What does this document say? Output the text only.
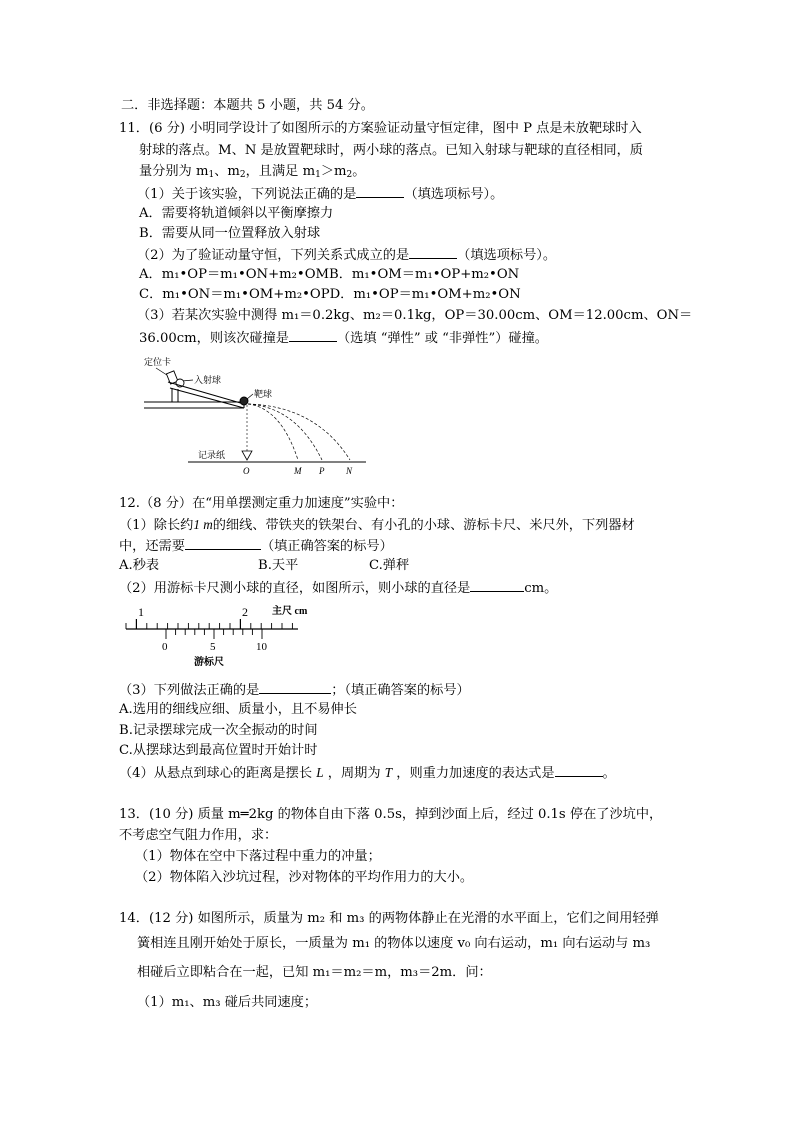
二．非选择题：本题共 5 小题，共 54 分。
11．(6 分) 小明同学设计了如图所示的方案验证动量守恒定律，图中 P 点是未放靶球时入
射球的落点。M、N 是放置靶球时，两小球的落点。已知入射球与靶球的直径相同，质
量分别为 $m_1$、$m_2$，且满足 $m_1>m_2$。
（1）关于该实验，下列说法正确的是	（填选项标号）。
A．需要将轨道倾斜以平衡摩擦力
B．需要从同一位置释放入射球
（2）为了验证动量守恒，下列关系式成立的是	（填选项标号）。
A．m₁•OP＝m₁•ON+m₂•OMB．m₁•OM＝m₁•OP+m₂•ON
C．m₁•ON＝m₁•OM+m₂•OPD．m₁•OP＝m₁•OM+m₂•ON
（3）若某次实验中测得 m₁＝0.2kg、m₂＝0.1kg，OP＝30.00cm、OM＝12.00cm、ON＝
36.00cm，则该次碰撞是	（选填 “弹性” 或 “非弹性”）碰撞。
定位卡
入射球
靶球
记录纸
O	M P N
12.（8 分）在“用单摆测定重力加速度”实验中：
（1）除长约1 m的细线、带铁夹的铁架台、有小孔的小球、游标卡尺、米尺外，下列器材
中，还需要	（填正确答案的标号）
A.秒表	B.天平	C.弹秤
（2）用游标卡尺测小球的直径，如图所示，则小球的直径是	cm。
1	2 主尺 cm
0	5	10
游标尺
（3）下列做法正确的是	；（填正确答案的标号）
A.选用的细线应细、质量小，且不易伸长
B.记录摆球完成一次全振动的时间
C.从摆球达到最高位置时开始计时
（4）从悬点到球心的距离是摆长 L ，周期为 T ，则重力加速度的表达式是	。
13．(10 分) 质量 m═2kg 的物体自由下落 0.5s，掉到沙面上后，经过 0.1s 停在了沙坑中，
不考虑空气阻力作用，求：
（1）物体在空中下落过程中重力的冲量；
（2）物体陷入沙坑过程，沙对物体的平均作用力的大小。
14．(12 分) 如图所示，质量为 m₂ 和 m₃ 的两物体静止在光滑的水平面上，它们之间用轻弹
簧相连且刚开始处于原长，一质量为 m₁ 的物体以速度 v₀ 向右运动，m₁ 向右运动与 m₃
相碰后立即粘合在一起，已知 m₁＝m₂＝m，m₃＝2m．问：
（1）m₁、m₃ 碰后共同速度；
